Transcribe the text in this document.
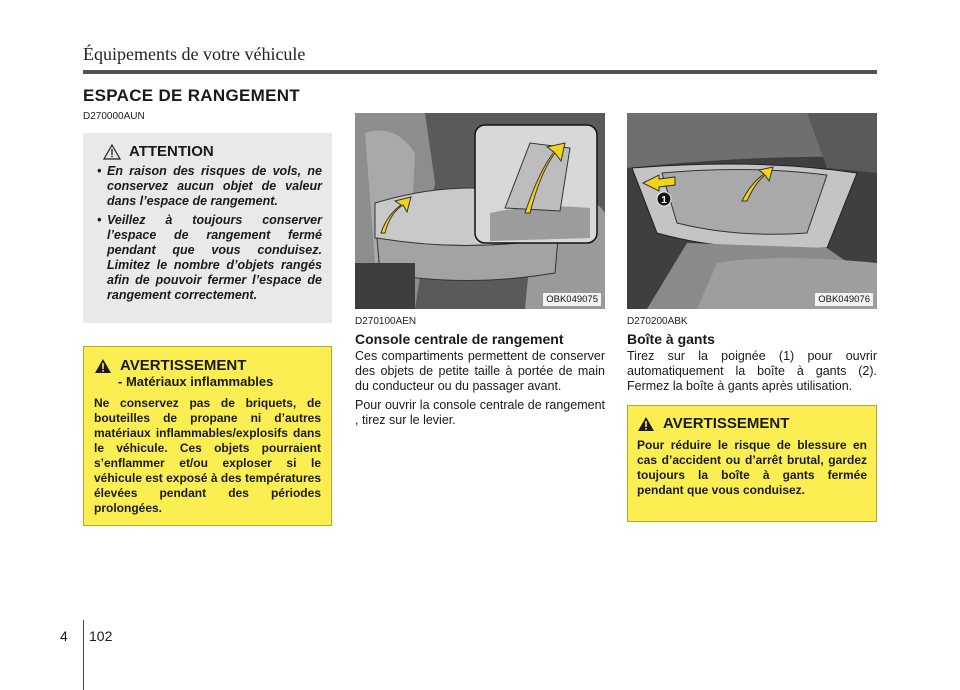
Équipements de votre véhicule
ESPACE DE RANGEMENT
D270000AUN
ATTENTION
• En raison des risques de vols, ne conservez aucun objet de valeur dans l’espace de rangement.
• Veillez à toujours conserver l’espace de rangement fermé pendant que vous conduisez. Limitez le nombre d’objets rangés afin de pouvoir fermer l’espace de rangement correctement.
AVERTISSEMENT
- Matériaux inflammables
Ne conservez pas de briquets, de bouteilles de propane ni d’autres matériaux inflammables/explosifs dans le véhicule. Ces objets pourraient s’enflammer et/ou exploser si le véhicule est exposé à des températures élevées pendant des périodes prolongées.
OBK049075
1
OBK049076
D270100AEN
Console centrale de rangement
Ces compartiments permettent de conserver des objets de petite taille à portée de main du conducteur ou du passager avant.
Pour ouvrir la console centrale de rangement , tirez sur le levier.
D270200ABK
Boîte à gants
Tirez sur la poignée (1) pour ouvrir automatiquement la boîte à gants (2). Fermez la boîte à gants après utilisation.
AVERTISSEMENT
Pour réduire le risque de blessure en cas d’accident ou d’arrêt brutal, gardez toujours la boîte à gants fermée pendant que vous conduisez.
4 102
